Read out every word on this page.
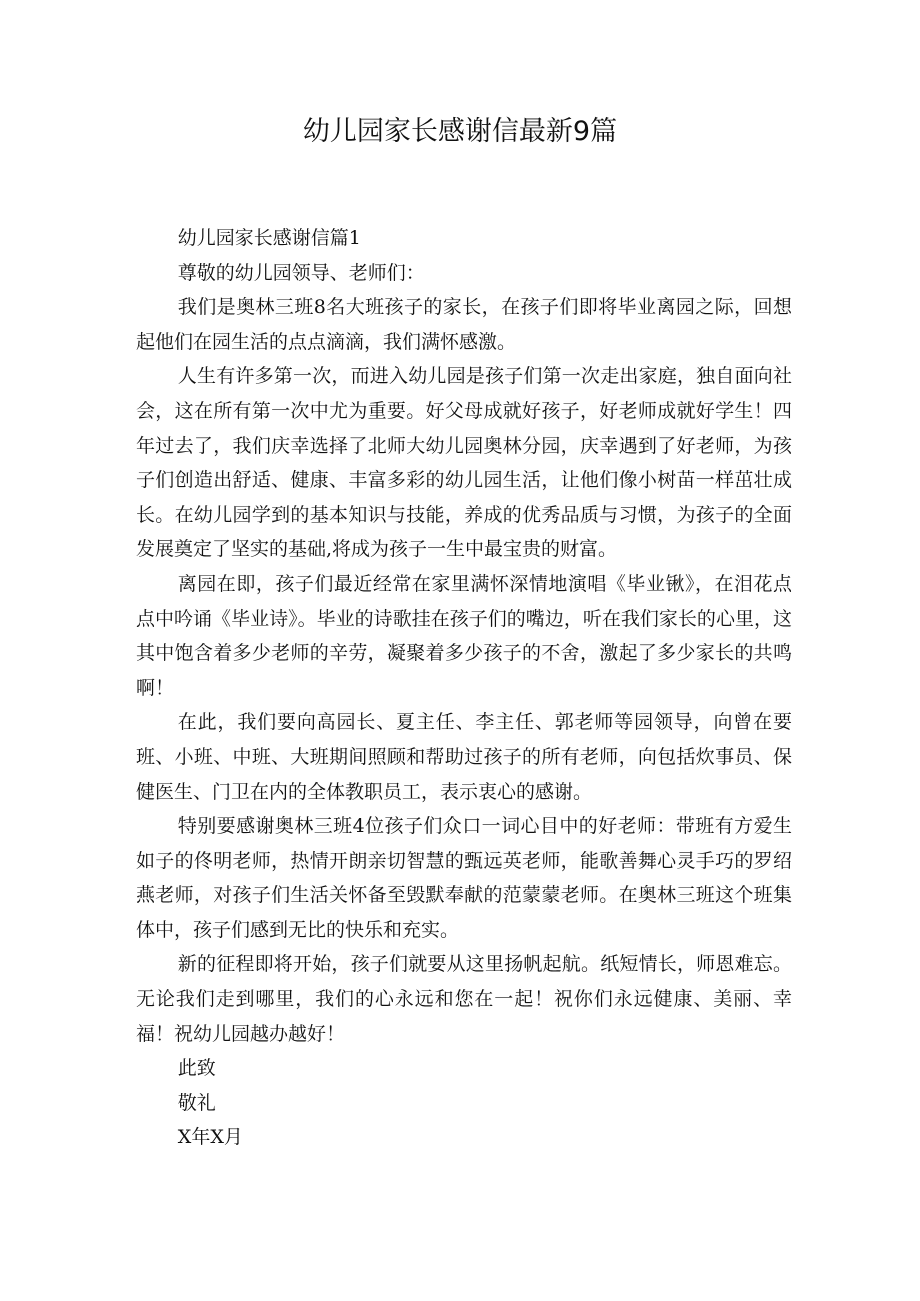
幼儿园家长感谢信最新9篇

幼儿园家长感谢信篇1

尊敬的幼儿园领导、老师们：

我们是奥林三班8名大班孩子的家长，在孩子们即将毕业离园之际，回想起他们在园生活的点点滴滴，我们满怀感激。

人生有许多第一次，而进入幼儿园是孩子们第一次走出家庭，独自面向社会，这在所有第一次中尤为重要。好父母成就好孩子，好老师成就好学生！四年过去了，我们庆幸选择了北师大幼儿园奥林分园，庆幸遇到了好老师，为孩子们创造出舒适、健康、丰富多彩的幼儿园生活，让他们像小树苗一样茁壮成长。在幼儿园学到的基本知识与技能，养成的优秀品质与习惯，为孩子的全面发展奠定了坚实的基础,将成为孩子一生中最宝贵的财富。

离园在即，孩子们最近经常在家里满怀深情地演唱《毕业锹》，在泪花点点中吟诵《毕业诗》。毕业的诗歌挂在孩子们的嘴边，听在我们家长的心里，这其中饱含着多少老师的辛劳，凝聚着多少孩子的不舍，激起了多少家长的共鸣啊！

在此，我们要向高园长、夏主任、李主任、郭老师等园领导，向曾在要班、小班、中班、大班期间照顾和帮助过孩子的所有老师，向包括炊事员、保健医生、门卫在内的全体教职员工，表示衷心的感谢。

特别要感谢奥林三班4位孩子们众口一词心目中的好老师：带班有方爱生如子的佟明老师，热情开朗亲切智慧的甄远英老师，能歌善舞心灵手巧的罗绍燕老师，对孩子们生活关怀备至毁默奉献的范蒙蒙老师。在奥林三班这个班集体中，孩子们感到无比的快乐和充实。

新的征程即将开始，孩子们就要从这里扬帆起航。纸短情长，师恩难忘。无论我们走到哪里，我们的心永远和您在一起！祝你们永远健康、美丽、幸福！祝幼儿园越办越好！

此致

敬礼

X年X月
